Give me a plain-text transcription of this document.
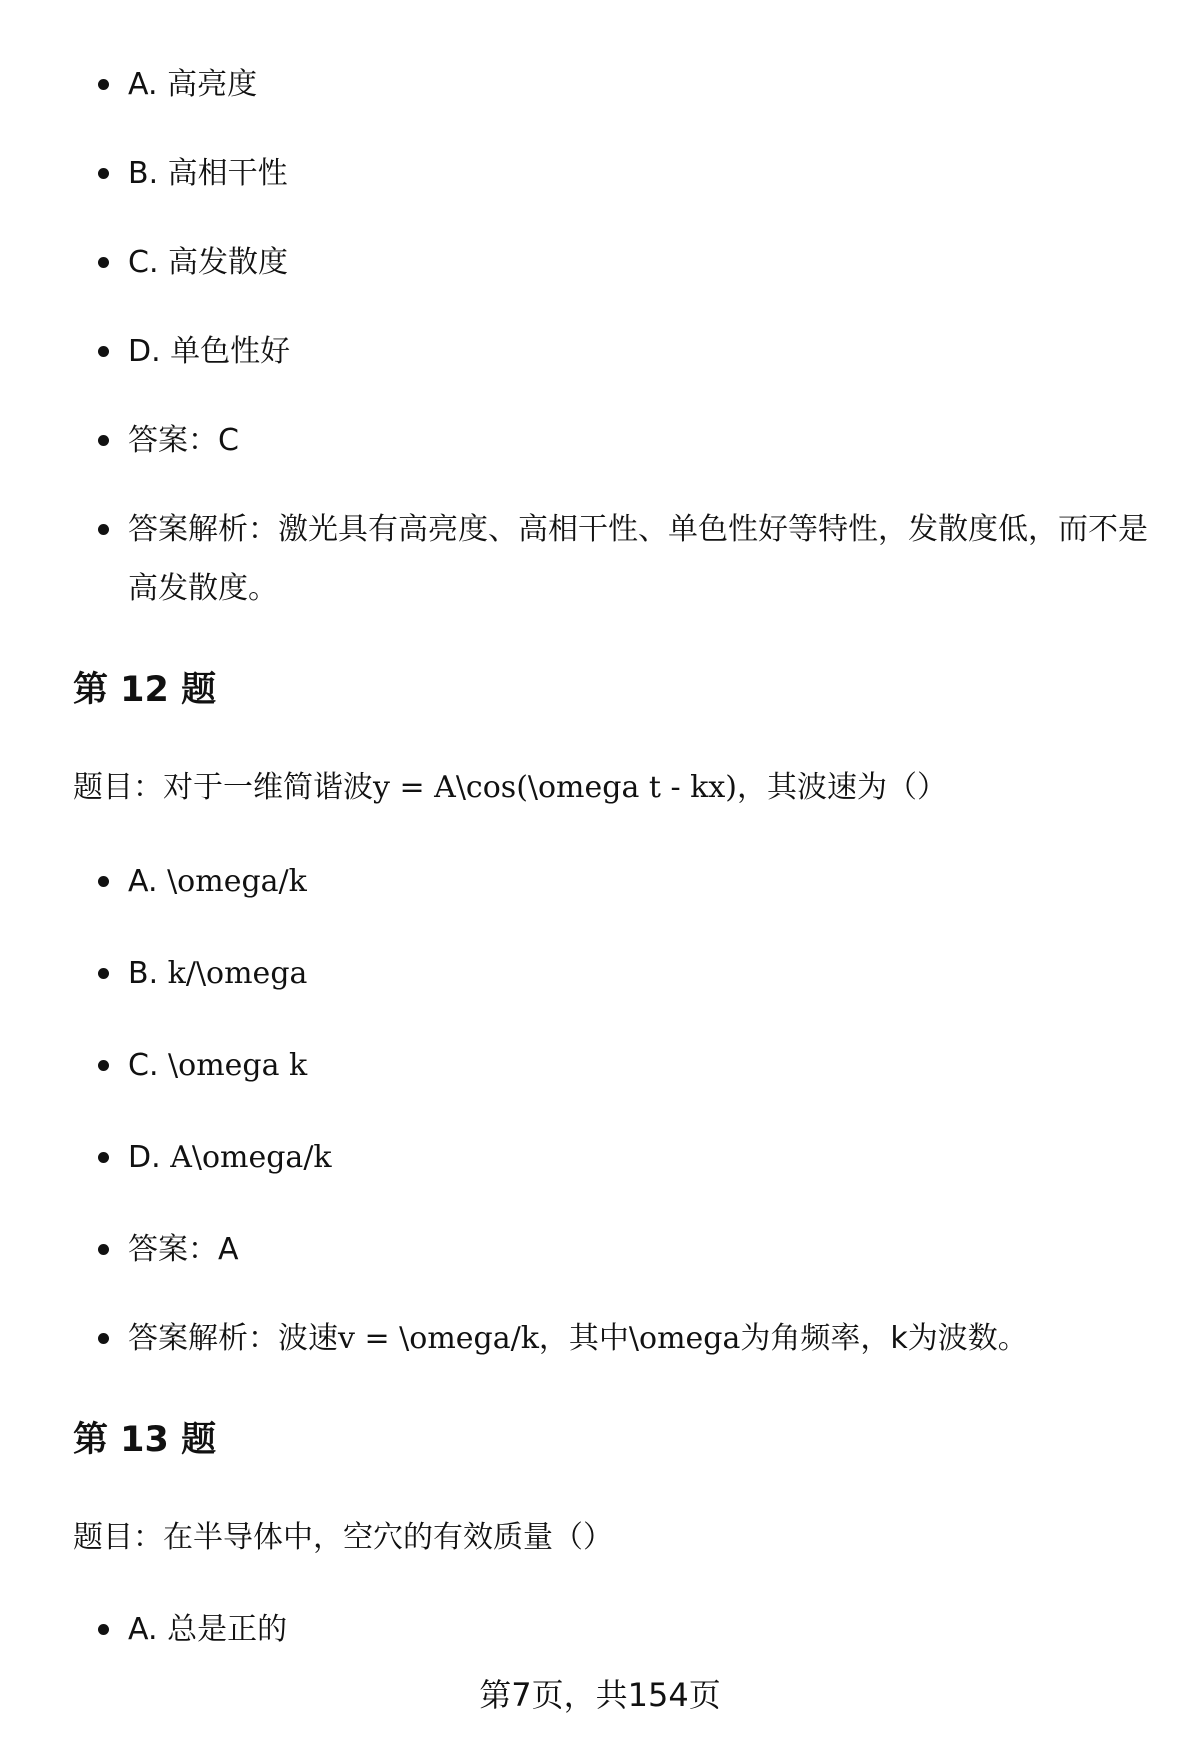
A. 高亮度
B. 高相干性
C. 高发散度
D. 单色性好
答案：C
答案解析：激光具有高亮度、高相干性、单色性好等特性，发散度低，而不是高发散度。
第 12 题

题目：对于一维简谐波y = A\cos(\omega t - kx)，其波速为（）

A. \omega/k
B. k/\omega
C. \omega k
D. A\omega/k
答案：A
答案解析：波速v = \omega/k，其中\omega为角频率，k为波数。
第 13 题

题目：在半导体中，空穴的有效质量（）

A. 总是正的
第7页，共154页
